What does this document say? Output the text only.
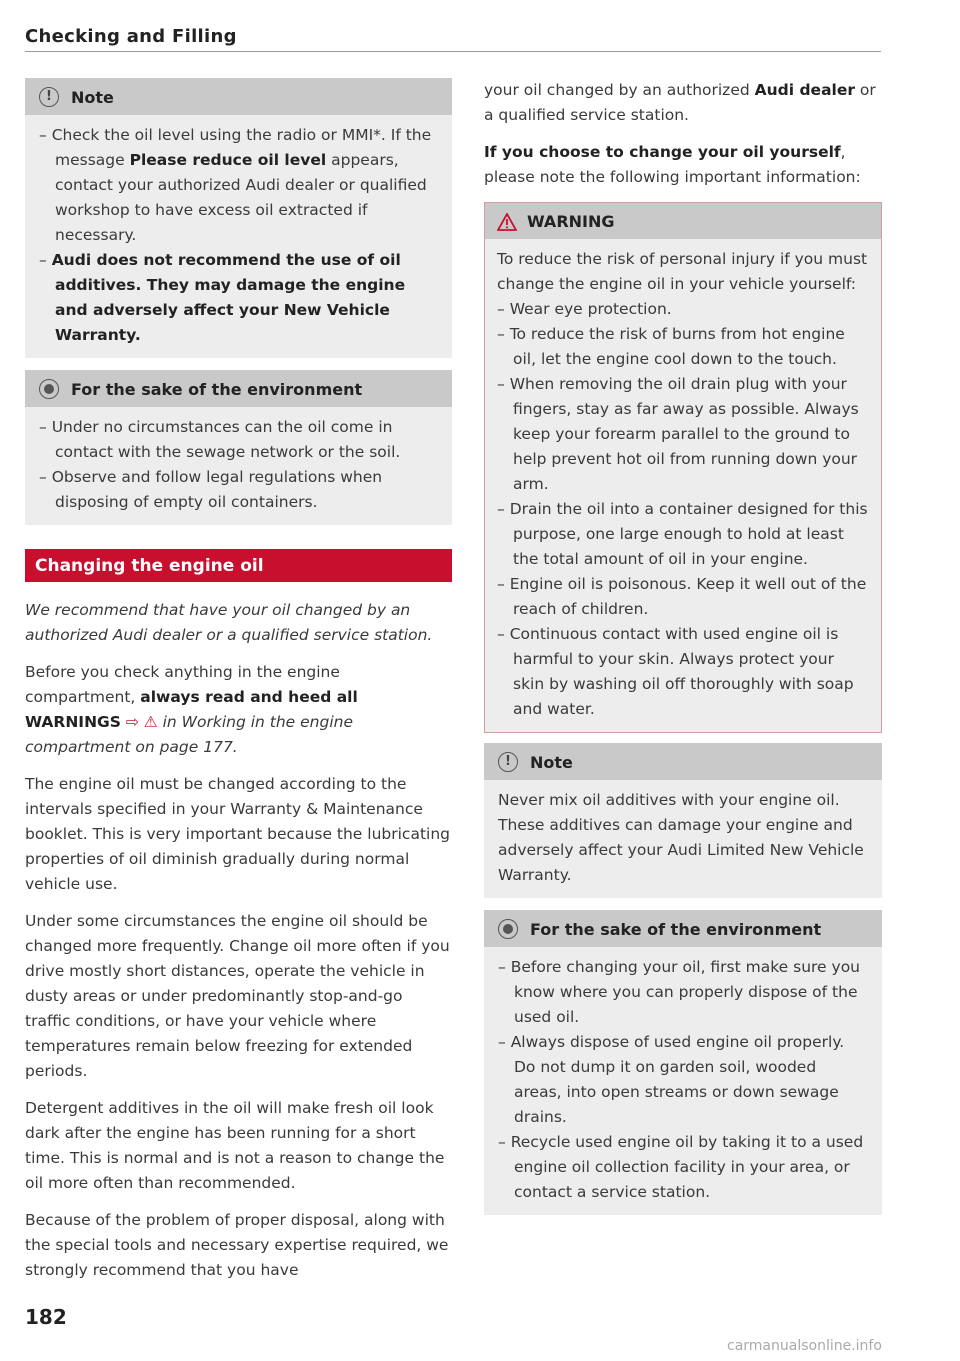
Checking and Filling
!	Note
– Check the oil level using the radio or MMI*. If the message Please reduce oil level appears, contact your authorized Audi dealer or qualified workshop to have excess oil extracted if necessary.
– Audi does not recommend the use of oil additives. They may damage the engine and adversely affect your New Vehicle Warranty.
For the sake of the environment
– Under no circumstances can the oil come in contact with the sewage network or the soil.
– Observe and follow legal regulations when disposing of empty oil containers.
Changing the engine oil

We recommend that have your oil changed by an authorized Audi dealer or a qualified service station.

Before you check anything in the engine compartment, always read and heed all WARNINGS ⇨ ⚠ in Working in the engine compartment on page 177.

The engine oil must be changed according to the intervals specified in your Warranty & Maintenance booklet. This is very important because the lubricating properties of oil diminish gradually during normal vehicle use.

Under some circumstances the engine oil should be changed more frequently. Change oil more often if you drive mostly short distances, operate the vehicle in dusty areas or under predominantly stop-and-go traffic conditions, or have your vehicle where temperatures remain below freezing for extended periods.

Detergent additives in the oil will make fresh oil look dark after the engine has been running for a short time. This is normal and is not a reason to change the oil more often than recommended.

Because of the problem of proper disposal, along with the special tools and necessary expertise required, we strongly recommend that you have

your oil changed by an authorized Audi dealer or a qualified service station.

If you choose to change your oil yourself, please note the following important information:

WARNING

To reduce the risk of personal injury if you must change the engine oil in your vehicle yourself:

– Wear eye protection.
– To reduce the risk of burns from hot engine oil, let the engine cool down to the touch.
– When removing the oil drain plug with your fingers, stay as far away as possible. Always keep your forearm parallel to the ground to help prevent hot oil from running down your arm.
– Drain the oil into a container designed for this purpose, one large enough to hold at least the total amount of oil in your engine.
– Engine oil is poisonous. Keep it well out of the reach of children.
– Continuous contact with used engine oil is harmful to your skin. Always protect your skin by washing oil off thoroughly with soap and water.
!	Note

Never mix oil additives with your engine oil. These additives can damage your engine and adversely affect your Audi Limited New Vehicle Warranty.

For the sake of the environment
– Before changing your oil, first make sure you know where you can properly dispose of the used oil.
– Always dispose of used engine oil properly. Do not dump it on garden soil, wooded areas, into open streams or down sewage drains.
– Recycle used engine oil by taking it to a used engine oil collection facility in your area, or contact a service station.
182
carmanualsonline.info
